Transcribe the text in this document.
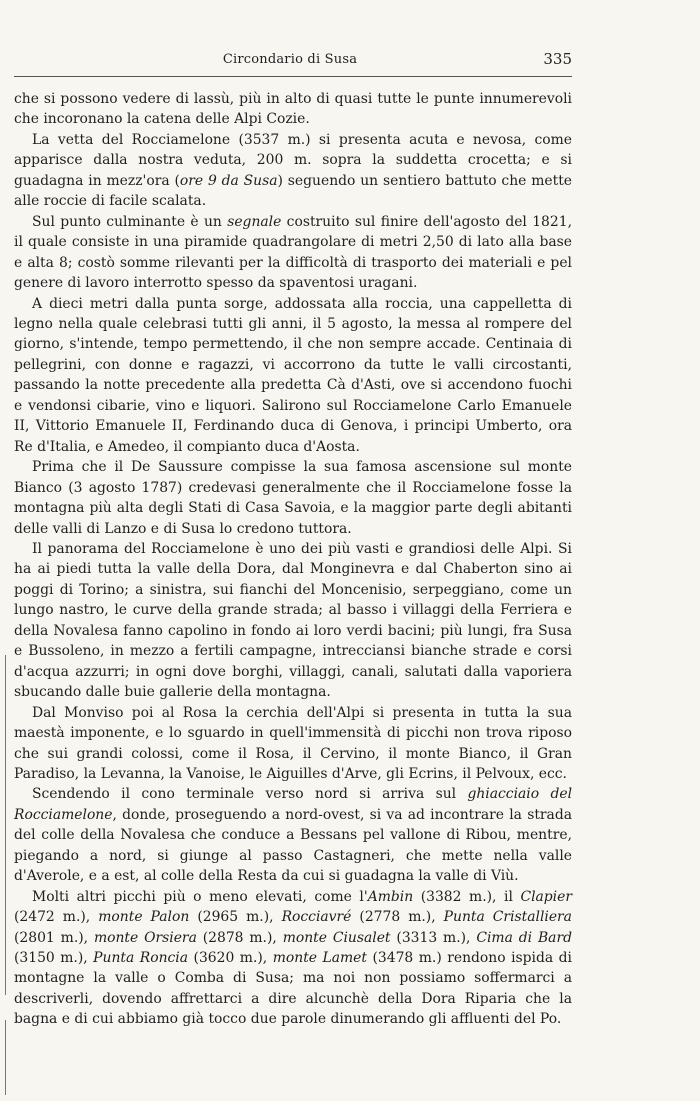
Circondario di Susa	335

che si possono vedere di lassù, più in alto di quasi tutte le punte innumerevoli che incoronano la catena delle Alpi Cozie.

La vetta del Rocciamelone (3537 m.) si presenta acuta e nevosa, come apparisce dalla nostra veduta, 200 m. sopra la suddetta crocetta; e si guadagna in mezz'ora (ore 9 da Susa) seguendo un sentiero battuto che mette alle roccie di facile scalata.

Sul punto culminante è un segnale costruito sul finire dell'agosto del 1821, il quale consiste in una piramide quadrangolare di metri 2,50 di lato alla base e alta 8; costò somme rilevanti per la difficoltà di trasporto dei materiali e pel genere di lavoro interrotto spesso da spaventosi uragani.

A dieci metri dalla punta sorge, addossata alla roccia, una cappelletta di legno nella quale celebrasi tutti gli anni, il 5 agosto, la messa al rompere del giorno, s'intende, tempo permettendo, il che non sempre accade. Centinaia di pellegrini, con donne e ragazzi, vi accorrono da tutte le valli circostanti, passando la notte precedente alla predetta Cà d'Asti, ove si accendono fuochi e vendonsi cibarie, vino e liquori. Salirono sul Rocciamelone Carlo Emanuele II, Vittorio Emanuele II, Ferdinando duca di Genova, i principi Umberto, ora Re d'Italia, e Amedeo, il compianto duca d'Aosta.

Prima che il De Saussure compisse la sua famosa ascensione sul monte Bianco (3 agosto 1787) credevasi generalmente che il Rocciamelone fosse la montagna più alta degli Stati di Casa Savoia, e la maggior parte degli abitanti delle valli di Lanzo e di Susa lo credono tuttora.

Il panorama del Rocciamelone è uno dei più vasti e grandiosi delle Alpi. Si ha ai piedi tutta la valle della Dora, dal Monginevra e dal Chaberton sino ai poggi di Torino; a sinistra, sui fianchi del Moncenisio, serpeggiano, come un lungo nastro, le curve della grande strada; al basso i villaggi della Ferriera e della Novalesa fanno capolino in fondo ai loro verdi bacini; più lungi, fra Susa e Bussoleno, in mezzo a fertili campagne, intrecciansi bianche strade e corsi d'acqua azzurri; in ogni dove borghi, villaggi, canali, salutati dalla vaporiera sbucando dalle buie gallerie della montagna.

Dal Monviso poi al Rosa la cerchia dell'Alpi si presenta in tutta la sua maestà imponente, e lo sguardo in quell'immensità di picchi non trova riposo che sui grandi colossi, come il Rosa, il Cervino, il monte Bianco, il Gran Paradiso, la Levanna, la Vanoise, le Aiguilles d'Arve, gli Ecrins, il Pelvoux, ecc.

Scendendo il cono terminale verso nord si arriva sul ghiacciaio del Rocciamelone, donde, proseguendo a nord-ovest, si va ad incontrare la strada del colle della Novalesa che conduce a Bessans pel vallone di Ribou, mentre, piegando a nord, si giunge al passo Castagneri, che mette nella valle d'Averole, e a est, al colle della Resta da cui si guadagna la valle di Viù.

Molti altri picchi più o meno elevati, come l'Ambin (3382 m.), il Clapier (2472 m.), monte Palon (2965 m.), Rocciavré (2778 m.), Punta Cristalliera (2801 m.), monte Orsiera (2878 m.), monte Ciusalet (3313 m.), Cima di Bard (3150 m.), Punta Roncia (3620 m.), monte Lamet (3478 m.) rendono ispida di montagne la valle o Comba di Susa; ma noi non possiamo soffermarci a descriverli, dovendo affrettarci a dire alcunchè della Dora Riparia che la bagna e di cui abbiamo già tocco due parole dinumerando gli affluenti del Po.
